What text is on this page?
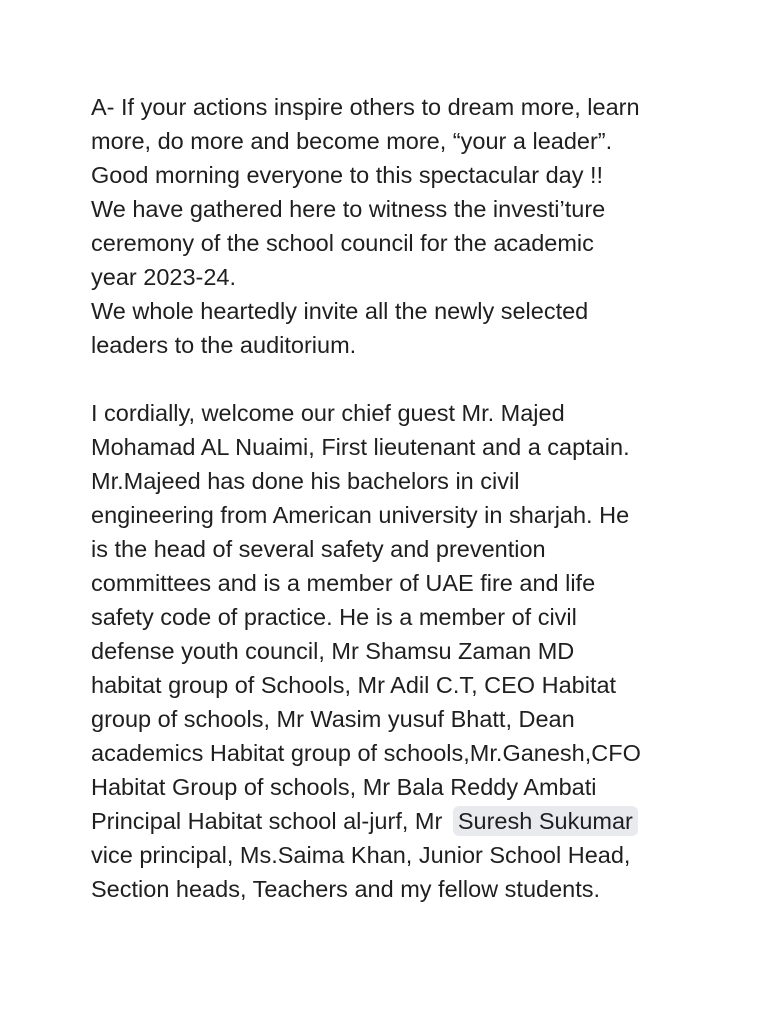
A- If your actions inspire others to dream more, learn
more, do more and become more, “your a leader”.
Good morning everyone to this spectacular day !!
We have gathered here to witness the investi’ture
ceremony of the school council for the academic
year 2023-24.
We whole heartedly invite all the newly selected
leaders to the auditorium.
I cordially, welcome our chief guest Mr. Majed
Mohamad AL Nuaimi, First lieutenant and a captain.
Mr.Majeed has done his bachelors in civil
engineering from American university in sharjah. He
is the head of several safety and prevention
committees and is a member of UAE fire and life
safety code of practice. He is a member of civil
defense youth council, Mr Shamsu Zaman MD
habitat group of Schools, Mr Adil C.T, CEO Habitat
group of schools, Mr Wasim yusuf Bhatt, Dean
academics Habitat group of schools,Mr.Ganesh,CFO
Habitat Group of schools, Mr Bala Reddy Ambati
Principal Habitat school al-jurf, Mr Suresh Sukumar
vice principal, Ms.Saima Khan, Junior School Head,
Section heads, Teachers and my fellow students.
